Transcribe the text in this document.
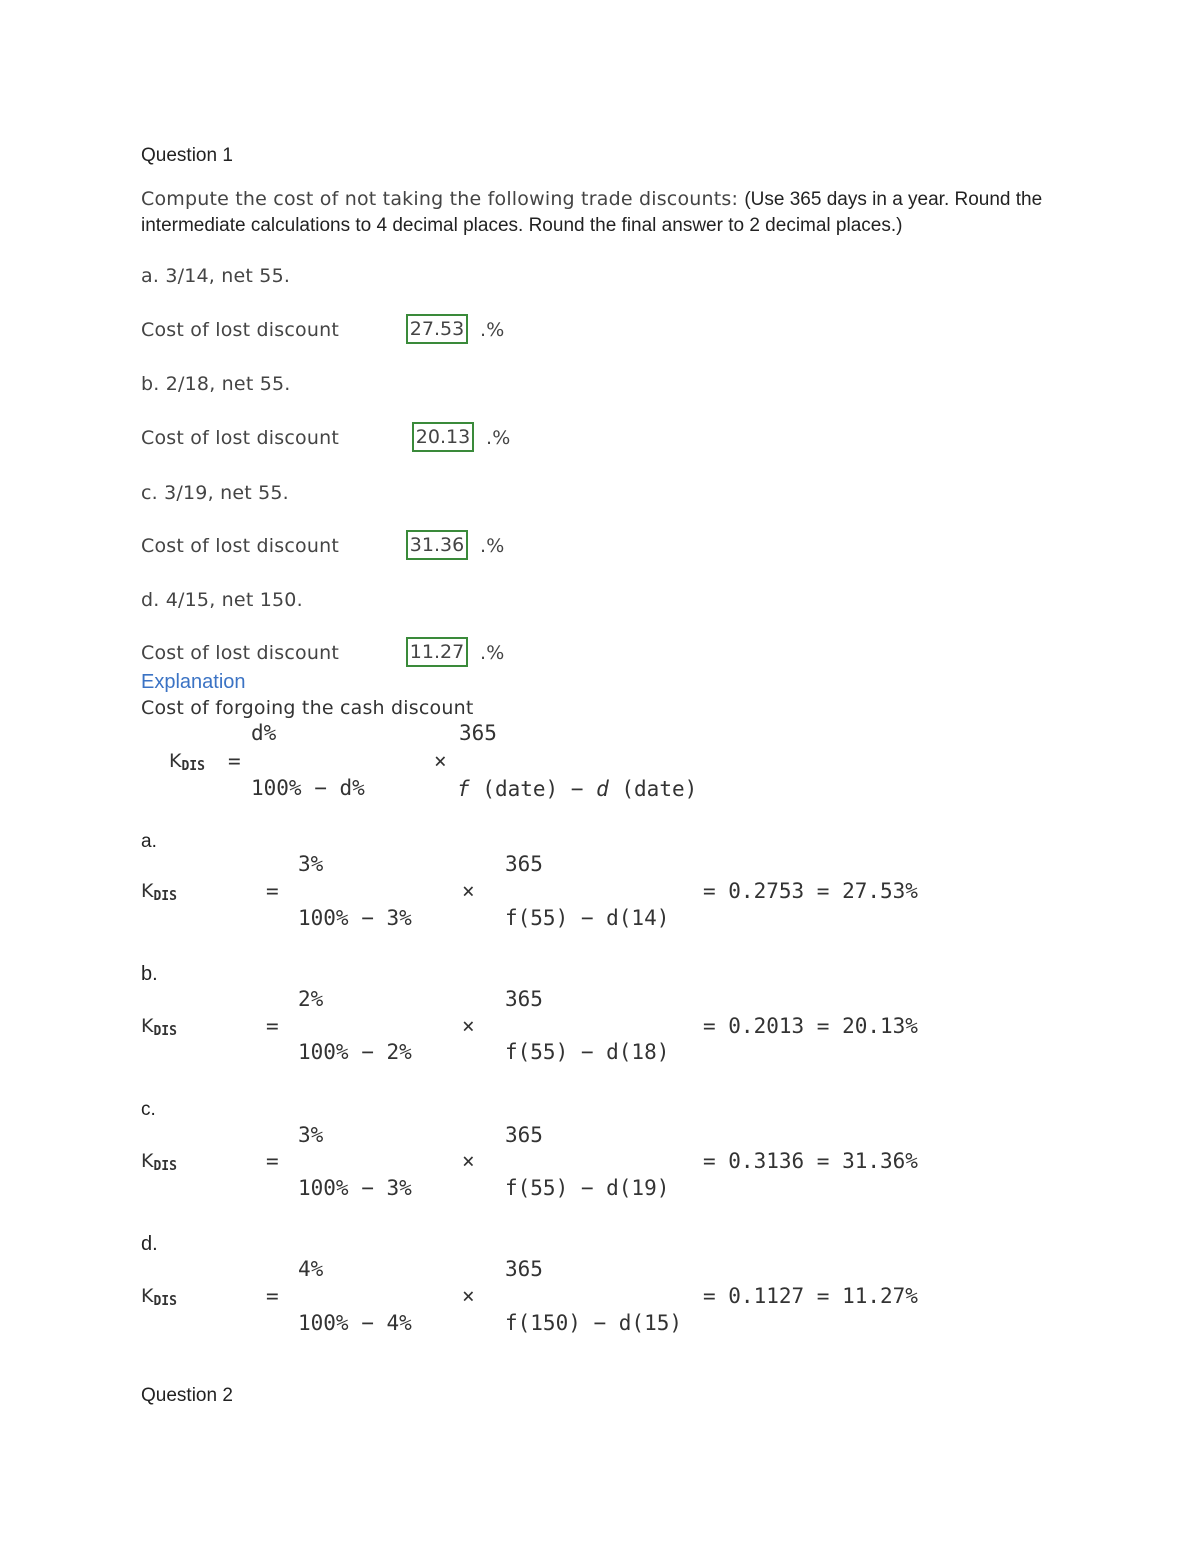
Question 1
Compute the cost of not taking the following trade discounts: (Use 365 days in a year. Round the
intermediate calculations to 4 decimal places. Round the final answer to 2 decimal places.)
a. 3/14, net 55.
Cost of lost discount	27.53 .%
b. 2/18, net 55.
Cost of lost discount	20.13 .%
c. 3/19, net 55.
Cost of lost discount	31.36 .%
d. 4/15, net 150.
Cost of lost discount	11.27 .%
Explanation
Cost of forgoing the cash discount
d%	365
$K_{DIS}$ =	×
100% − d%	f (date) − d (date)
a.
3%	365
$K_{DIS}$	=	×	= 0.2753 = 27.53%
100% − 3%	f(55) − d(14)
b.
2%	365
$K_{DIS}$	=	×	= 0.2013 = 20.13%
100% − 2%	f(55) − d(18)
c.
3%	365
$K_{DIS}$	=	×	= 0.3136 = 31.36%
100% − 3%	f(55) − d(19)
d.
4%	365
$K_{DIS}$	=	×	= 0.1127 = 11.27%
100% − 4%	f(150) − d(15)
Question 2
